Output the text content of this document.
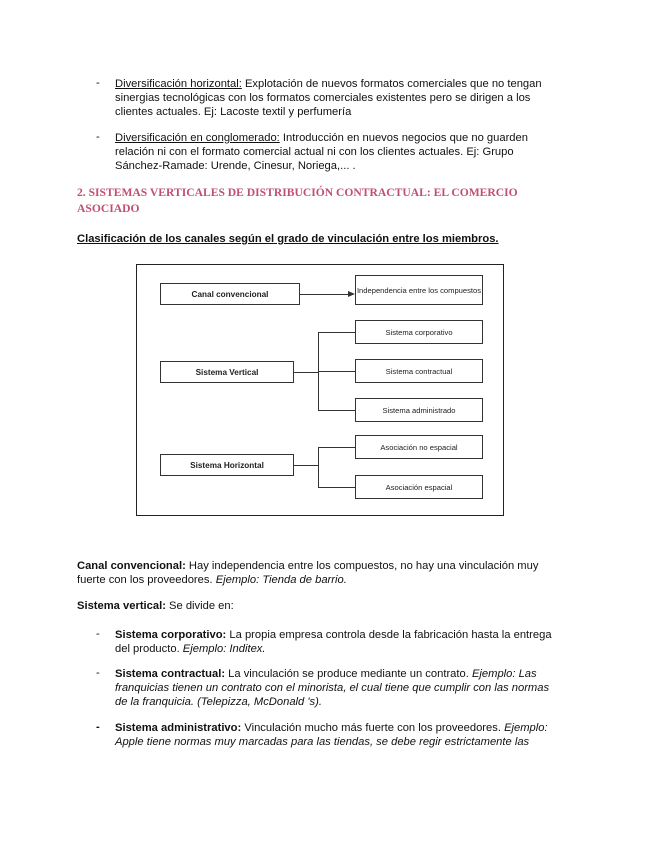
- Diversificación horizontal: Explotación de nuevos formatos comerciales que no tengan
sinergias tecnológicas con los formatos comerciales existentes pero se dirigen a los
clientes actuales. Ej: Lacoste textil y perfumería
- Diversificación en conglomerado: Introducción en nuevos negocios que no guarden
relación ni con el formato comercial actual ni con los clientes actuales. Ej: Grupo
Sánchez-Ramade: Urende, Cinesur, Noriega,... .
2. SISTEMAS VERTICALES DE DISTRIBUCIÓN CONTRACTUAL: EL COMERCIO
ASOCIADO
Clasificación de los canales según el grado de vinculación entre los miembros.
Canal convencional
Sistema Vertical
Sistema Horizontal
Independencia entre los compuestos
Sistema corporativo
Sistema contractual
Sistema administrado
Asociación no espacial
Asociación espacial
Canal convencional: Hay independencia entre los compuestos, no hay una vinculación muy
fuerte con los proveedores. Ejemplo: Tienda de barrio.
Sistema vertical: Se divide en:
- Sistema corporativo: La propia empresa controla desde la fabricación hasta la entrega
del producto. Ejemplo: Inditex.
- Sistema contractual: La vinculación se produce mediante un contrato. Ejemplo: Las
franquicias tienen un contrato con el minorista, el cual tiene que cumplir con las normas
de la franquicia. (Telepizza, McDonald 's).
- Sistema administrativo: Vinculación mucho más fuerte con los proveedores. Ejemplo:
Apple tiene normas muy marcadas para las tiendas, se debe regir estrictamente las
